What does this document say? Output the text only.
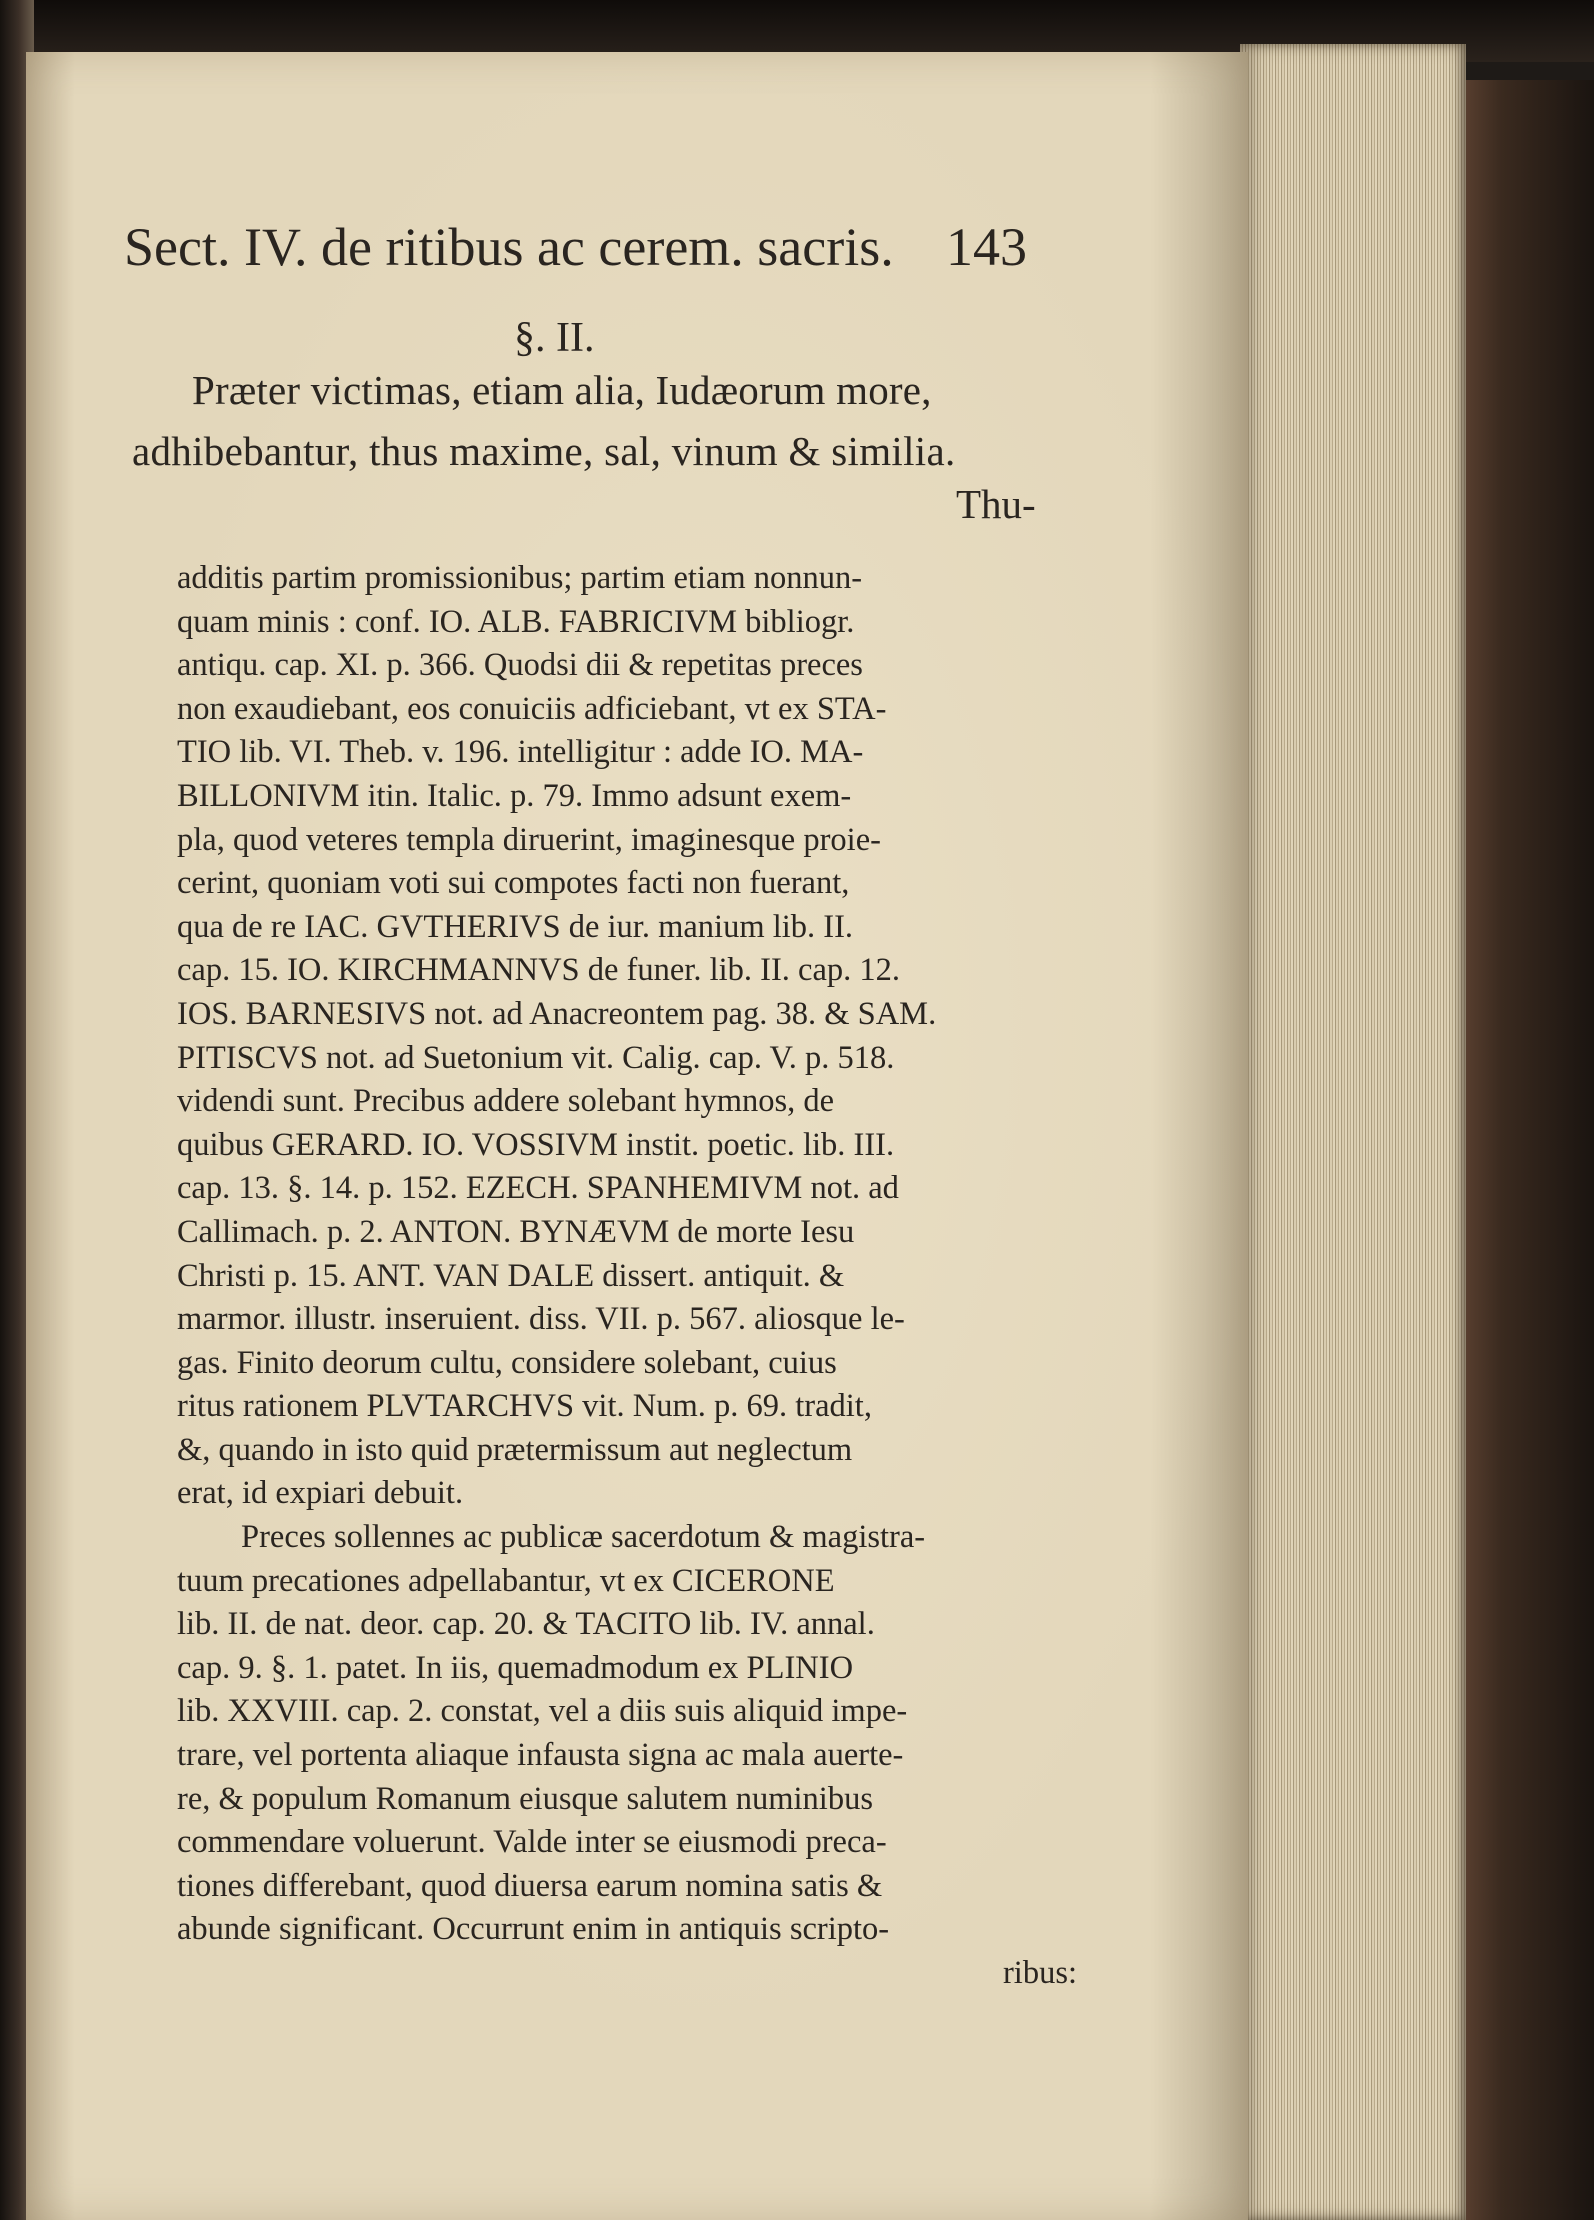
Sect. IV. de ritibus ac cerem. sacris. 143
§. II.
Præter victimas, etiam alia, Iudæorum more,
adhibebantur, thus maxime, sal, vinum & similia.
Thu-
additis partim promissionibus; partim etiam nonnun-
quam minis : conf. IO. ALB. FABRICIVM bibliogr.
antiqu. cap. XI. p. 366. Quodsi dii & repetitas preces
non exaudiebant, eos conuiciis adficiebant, vt ex STA-
TIO lib. VI. Theb. v. 196. intelligitur : adde IO. MA-
BILLONIVM itin. Italic. p. 79. Immo adsunt exem-
pla, quod veteres templa diruerint, imaginesque proie-
cerint, quoniam voti sui compotes facti non fuerant,
qua de re IAC. GVTHERIVS de iur. manium lib. II.
cap. 15. IO. KIRCHMANNVS de funer. lib. II. cap. 12.
IOS. BARNESIVS not. ad Anacreontem pag. 38. & SAM.
PITISCVS not. ad Suetonium vit. Calig. cap. V. p. 518.
videndi sunt. Precibus addere solebant hymnos, de
quibus GERARD. IO. VOSSIVM instit. poetic. lib. III.
cap. 13. §. 14. p. 152. EZECH. SPANHEMIVM not. ad
Callimach. p. 2. ANTON. BYNÆVM de morte Iesu
Christi p. 15. ANT. VAN DALE dissert. antiquit. &
marmor. illustr. inseruient. diss. VII. p. 567. aliosque le-
gas. Finito deorum cultu, considere solebant, cuius
ritus rationem PLVTARCHVS vit. Num. p. 69. tradit,
&, quando in isto quid prætermissum aut neglectum
erat, id expiari debuit.
Preces sollennes ac publicæ sacerdotum & magistra-
tuum precationes adpellabantur, vt ex CICERONE
lib. II. de nat. deor. cap. 20. & TACITO lib. IV. annal.
cap. 9. §. 1. patet. In iis, quemadmodum ex PLINIO
lib. XXVIII. cap. 2. constat, vel a diis suis aliquid impe-
trare, vel portenta aliaque infausta signa ac mala auerte-
re, & populum Romanum eiusque salutem numinibus
commendare voluerunt. Valde inter se eiusmodi preca-
tiones differebant, quod diuersa earum nomina satis &
abunde significant. Occurrunt enim in antiquis scripto-
ribus:
